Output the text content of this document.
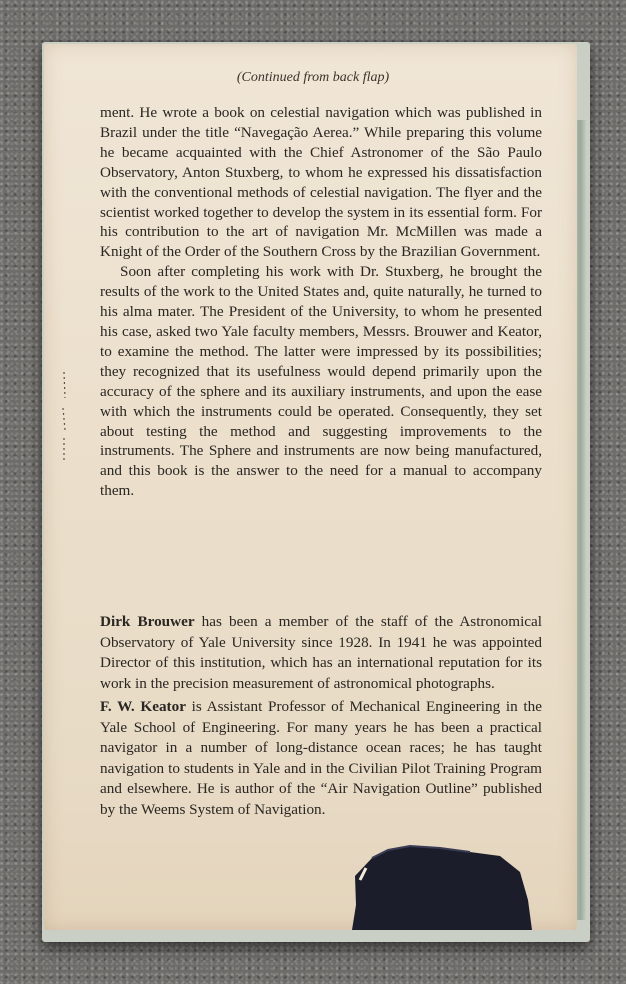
(Continued from back flap)

ment. He wrote a book on celestial navigation which was published in Brazil under the title “Navegação Aerea.” While preparing this volume he became acquainted with the Chief Astronomer of the São Paulo Observatory, Anton Stuxberg, to whom he expressed his dissatisfaction with the conventional methods of celestial navigation. The flyer and the scientist worked together to develop the system in its essential form. For his contribution to the art of navigation Mr. McMillen was made a Knight of the Order of the Southern Cross by the Brazilian Government.

Soon after completing his work with Dr. Stuxberg, he brought the results of the work to the United States and, quite naturally, he turned to his alma mater. The President of the University, to whom he presented his case, asked two Yale faculty members, Messrs. Brouwer and Keator, to examine the method. The latter were impressed by its possibilities; they recognized that its usefulness would depend primarily upon the accuracy of the sphere and its auxiliary instruments, and upon the ease with which the instruments could be operated. Consequently, they set about testing the method and suggesting improvements to the instruments. The Sphere and instruments are now being manufactured, and this book is the answer to the need for a manual to accompany them.

Dirk Brouwer has been a member of the staff of the Astronomical Observatory of Yale University since 1928. In 1941 he was appointed Director of this institution, which has an international reputation for its work in the precision measurement of astronomical photographs.

F. W. Keator is Assistant Professor of Mechanical Engineering in the Yale School of Engineering. For many years he has been a practical navigator in a number of long-distance ocean races; he has taught navigation to students in Yale and in the Civilian Pilot Training Program and elsewhere. He is author of the “Air Navigation Outline” published by the Weems System of Navigation.
